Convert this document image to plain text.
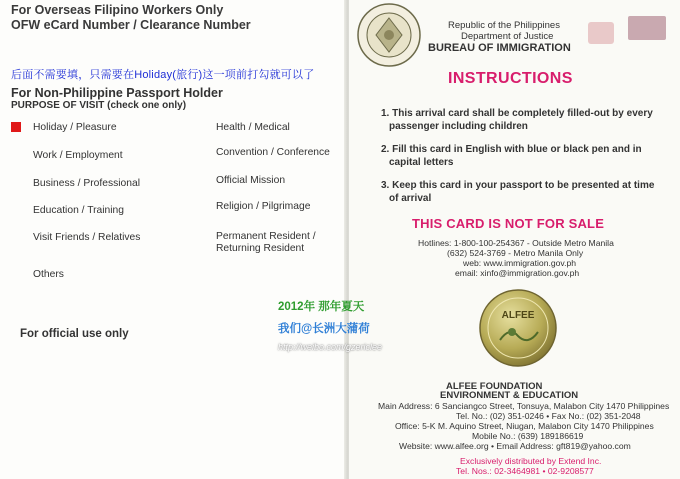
For Overseas Filipino Workers Only
OFW eCard Number / Clearance Number
后面不需要填，只需要在Holiday(旅行)这一项前打勾就可以了
For Non-Philippine Passport Holder
PURPOSE OF VISIT (check one only)
Holiday / Pleasure
Work / Employment
Business / Professional
Education / Training
Visit Friends / Relatives
Others
Health / Medical
Convention / Conference
Official Mission
Religion / Pilgrimage
Permanent Resident /
Returning Resident
For official use only
Republic of the Philippines
Department of Justice
BUREAU OF IMMIGRATION
INSTRUCTIONS
1. This arrival card shall be completely filled-out by every
passenger including children
2. Fill this card in English with blue or black pen and in
capital letters
3. Keep this card in your passport to be presented at time
of arrival
THIS CARD IS NOT FOR SALE
Hotlines: 1-800-100-254367 - Outside Metro Manila
(632) 524-3769 - Metro Manila Only
web: www.immigration.gov.ph
email: xinfo@immigration.gov.ph
ALFEE
ALFEE FOUNDATION
ENVIRONMENT & EDUCATION
Main Address: 6 Sanciangco Street, Tonsuya, Malabon City 1470 Philippines
Tel. No.: (02) 351-0246 • Fax No.: (02) 351-2048
Office: 5-K M. Aquino Street, Niugan, Malabon City 1470 Philippines
Mobile No.: (639) 189186619
Website: www.alfee.org • Email Address: gft819@yahoo.com
Exclusively distributed by Extend Inc.
Tel. Nos.: 02-3464981 • 02-9208577
2012年 那年夏天
我们@长洲大蒲荷
http://weibo.com/gzericlee
